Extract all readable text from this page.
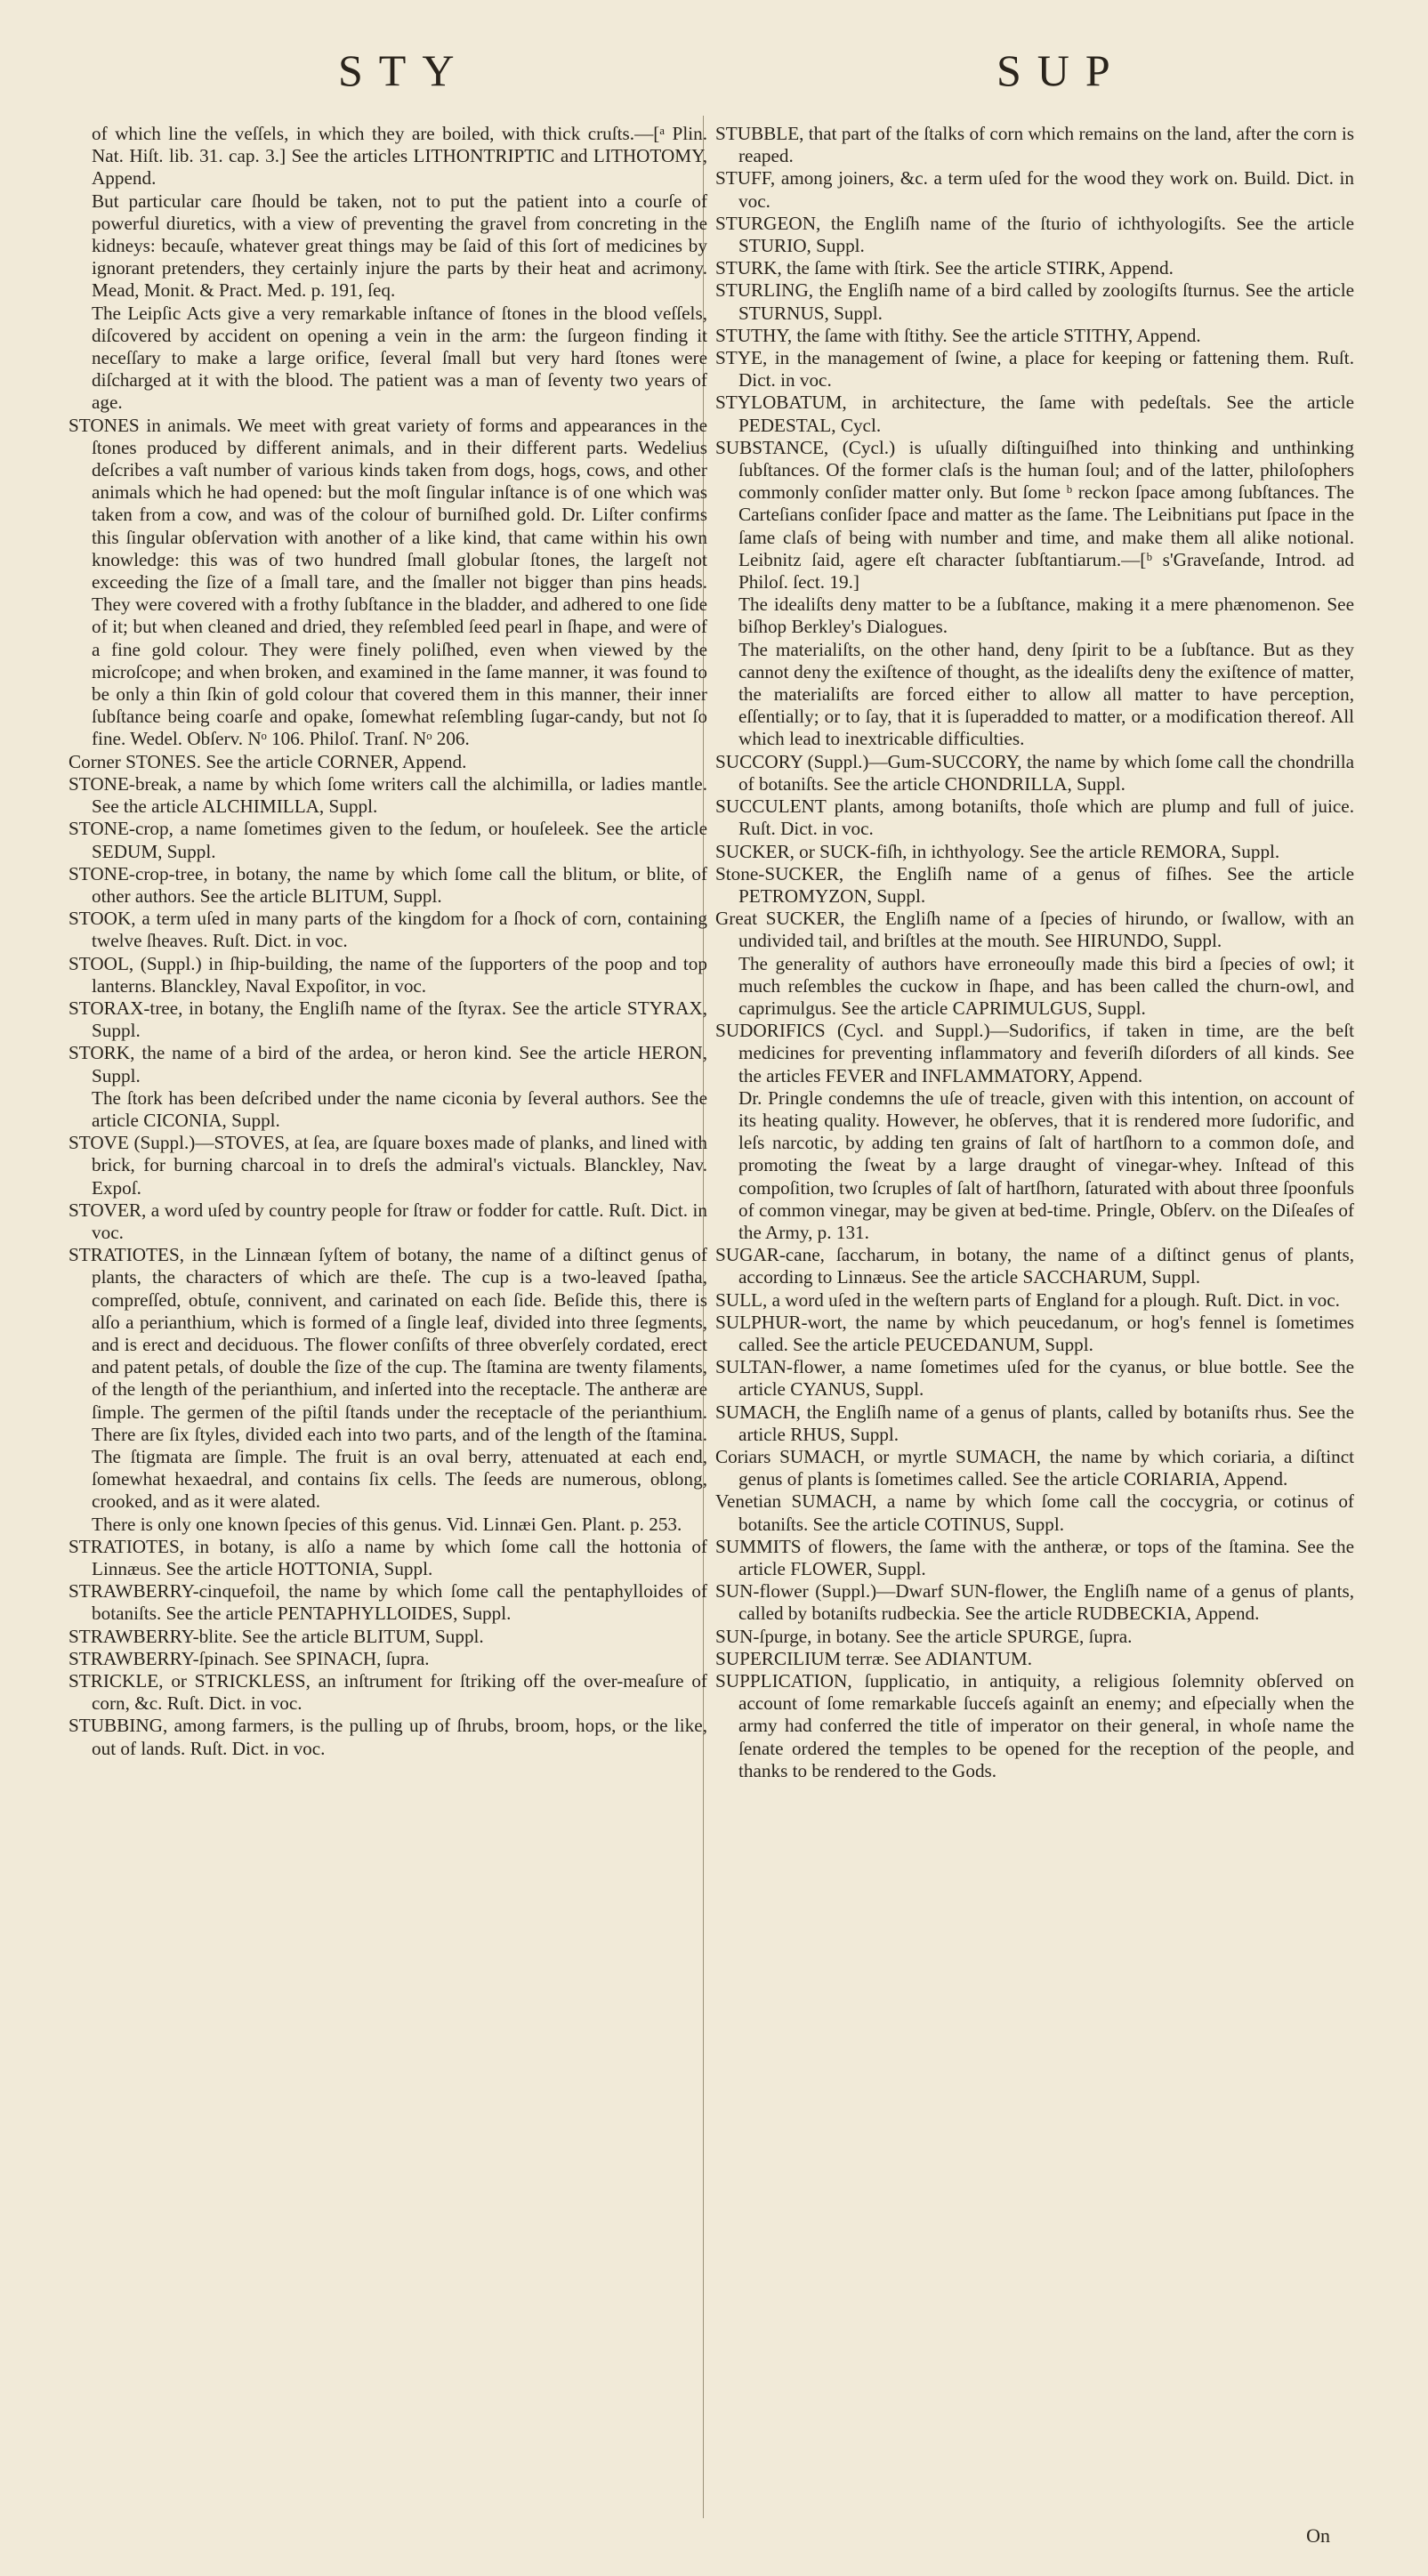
STY	SUP

of which line the veſſels, in which they are boiled, with thick cruſts.—[ᵃ Plin. Nat. Hiſt. lib. 31. cap. 3.] See the articles LITHONTRIPTIC and LITHOTOMY, Append.

But particular care ſhould be taken, not to put the patient into a courſe of powerful diuretics, with a view of preventing the gravel from concreting in the kidneys: becauſe, whatever great things may be ſaid of this ſort of medicines by ignorant pretenders, they certainly injure the parts by their heat and acrimony. Mead, Monit. & Pract. Med. p. 191, ſeq.

The Leipſic Acts give a very remarkable inſtance of ſtones in the blood veſſels, diſcovered by accident on opening a vein in the arm: the ſurgeon finding it neceſſary to make a large orifice, ſeveral ſmall but very hard ſtones were diſcharged at it with the blood. The patient was a man of ſeventy two years of age.

STONES in animals. We meet with great variety of forms and appearances in the ſtones produced by different animals, and in their different parts. Wedelius deſcribes a vaſt number of various kinds taken from dogs, hogs, cows, and other animals which he had opened: but the moſt ſingular inſtance is of one which was taken from a cow, and was of the colour of burniſhed gold. Dr. Liſter confirms this ſingular obſervation with another of a like kind, that came within his own knowledge: this was of two hundred ſmall globular ſtones, the largeſt not exceeding the ſize of a ſmall tare, and the ſmaller not bigger than pins heads. They were covered with a frothy ſubſtance in the bladder, and adhered to one ſide of it; but when cleaned and dried, they reſembled ſeed pearl in ſhape, and were of a fine gold colour. They were finely poliſhed, even when viewed by the microſcope; and when broken, and examined in the ſame manner, it was found to be only a thin ſkin of gold colour that covered them in this manner, their inner ſubſtance being coarſe and opake, ſomewhat reſembling ſugar-candy, but not ſo fine. Wedel. Obſerv. Nᵒ 106. Philoſ. Tranſ. Nᵒ 206.

Corner STONES. See the article CORNER, Append.

STONE-break, a name by which ſome writers call the alchimilla, or ladies mantle. See the article ALCHIMILLA, Suppl.

STONE-crop, a name ſometimes given to the ſedum, or houſeleek. See the article SEDUM, Suppl.

STONE-crop-tree, in botany, the name by which ſome call the blitum, or blite, of other authors. See the article BLITUM, Suppl.

STOOK, a term uſed in many parts of the kingdom for a ſhock of corn, containing twelve ſheaves. Ruſt. Dict. in voc.

STOOL, (Suppl.) in ſhip-building, the name of the ſupporters of the poop and top lanterns. Blanckley, Naval Expoſitor, in voc.

STORAX-tree, in botany, the Engliſh name of the ſtyrax. See the article STYRAX, Suppl.

STORK, the name of a bird of the ardea, or heron kind. See the article HERON, Suppl.

The ſtork has been deſcribed under the name ciconia by ſeveral authors. See the article CICONIA, Suppl.

STOVE (Suppl.)—STOVES, at ſea, are ſquare boxes made of planks, and lined with brick, for burning charcoal in to dreſs the admiral's victuals. Blanckley, Nav. Expoſ.

STOVER, a word uſed by country people for ſtraw or fodder for cattle. Ruſt. Dict. in voc.

STRATIOTES, in the Linnæan ſyſtem of botany, the name of a diſtinct genus of plants, the characters of which are theſe. The cup is a two-leaved ſpatha, compreſſed, obtuſe, connivent, and carinated on each ſide. Beſide this, there is alſo a perianthium, which is formed of a ſingle leaf, divided into three ſegments, and is erect and deciduous. The flower conſiſts of three obverſely cordated, erect and patent petals, of double the ſize of the cup. The ſtamina are twenty filaments, of the length of the perianthium, and inſerted into the receptacle. The antheræ are ſimple. The germen of the piſtil ſtands under the receptacle of the perianthium. There are ſix ſtyles, divided each into two parts, and of the length of the ſtamina. The ſtigmata are ſimple. The fruit is an oval berry, attenuated at each end, ſomewhat hexaedral, and contains ſix cells. The ſeeds are numerous, oblong, crooked, and as it were alated.

There is only one known ſpecies of this genus. Vid. Linnæi Gen. Plant. p. 253.

STRATIOTES, in botany, is alſo a name by which ſome call the hottonia of Linnæus. See the article HOTTONIA, Suppl.

STRAWBERRY-cinquefoil, the name by which ſome call the pentaphylloides of botaniſts. See the article PENTAPHYLLOIDES, Suppl.

STRAWBERRY-blite. See the article BLITUM, Suppl.

STRAWBERRY-ſpinach. See SPINACH, ſupra.

STRICKLE, or STRICKLESS, an inſtrument for ſtriking off the over-meaſure of corn, &c. Ruſt. Dict. in voc.

STUBBING, among farmers, is the pulling up of ſhrubs, broom, hops, or the like, out of lands. Ruſt. Dict. in voc.

STUBBLE, that part of the ſtalks of corn which remains on the land, after the corn is reaped.

STUFF, among joiners, &c. a term uſed for the wood they work on. Build. Dict. in voc.

STURGEON, the Engliſh name of the ſturio of ichthyologiſts. See the article STURIO, Suppl.

STURK, the ſame with ſtirk. See the article STIRK, Append.

STURLING, the Engliſh name of a bird called by zoologiſts ſturnus. See the article STURNUS, Suppl.

STUTHY, the ſame with ſtithy. See the article STITHY, Append.

STYE, in the management of ſwine, a place for keeping or fattening them. Ruſt. Dict. in voc.

STYLOBATUM, in architecture, the ſame with pedeſtals. See the article PEDESTAL, Cycl.

SUBSTANCE, (Cycl.) is uſually diſtinguiſhed into thinking and unthinking ſubſtances. Of the former claſs is the human ſoul; and of the latter, philoſophers commonly conſider matter only. But ſome ᵇ reckon ſpace among ſubſtances. The Carteſians conſider ſpace and matter as the ſame. The Leibnitians put ſpace in the ſame claſs of being with number and time, and make them all alike notional. Leibnitz ſaid, agere eſt character ſubſtantiarum.—[ᵇ s'Graveſande, Introd. ad Philoſ. ſect. 19.]

The idealiſts deny matter to be a ſubſtance, making it a mere phænomenon. See biſhop Berkley's Dialogues.

The materialiſts, on the other hand, deny ſpirit to be a ſubſtance. But as they cannot deny the exiſtence of thought, as the idealiſts deny the exiſtence of matter, the materialiſts are forced either to allow all matter to have perception, eſſentially; or to ſay, that it is ſuperadded to matter, or a modification thereof. All which lead to inextricable difficulties.

SUCCORY (Suppl.)—Gum-SUCCORY, the name by which ſome call the chondrilla of botaniſts. See the article CHONDRILLA, Suppl.

SUCCULENT plants, among botaniſts, thoſe which are plump and full of juice. Ruſt. Dict. in voc.

SUCKER, or SUCK-fiſh, in ichthyology. See the article REMORA, Suppl.

Stone-SUCKER, the Engliſh name of a genus of fiſhes. See the article PETROMYZON, Suppl.

Great SUCKER, the Engliſh name of a ſpecies of hirundo, or ſwallow, with an undivided tail, and briſtles at the mouth. See HIRUNDO, Suppl.

The generality of authors have erroneouſly made this bird a ſpecies of owl; it much reſembles the cuckow in ſhape, and has been called the churn-owl, and caprimulgus. See the article CAPRIMULGUS, Suppl.

SUDORIFICS (Cycl. and Suppl.)—Sudorifics, if taken in time, are the beſt medicines for preventing inflammatory and feveriſh diſorders of all kinds. See the articles FEVER and INFLAMMATORY, Append.

Dr. Pringle condemns the uſe of treacle, given with this intention, on account of its heating quality. However, he obſerves, that it is rendered more ſudorific, and leſs narcotic, by adding ten grains of ſalt of hartſhorn to a common doſe, and promoting the ſweat by a large draught of vinegar-whey. Inſtead of this compoſition, two ſcruples of ſalt of hartſhorn, ſaturated with about three ſpoonfuls of common vinegar, may be given at bed-time. Pringle, Obſerv. on the Diſeaſes of the Army, p. 131.

SUGAR-cane, ſaccharum, in botany, the name of a diſtinct genus of plants, according to Linnæus. See the article SACCHARUM, Suppl.

SULL, a word uſed in the weſtern parts of England for a plough. Ruſt. Dict. in voc.

SULPHUR-wort, the name by which peucedanum, or hog's fennel is ſometimes called. See the article PEUCEDANUM, Suppl.

SULTAN-flower, a name ſometimes uſed for the cyanus, or blue bottle. See the article CYANUS, Suppl.

SUMACH, the Engliſh name of a genus of plants, called by botaniſts rhus. See the article RHUS, Suppl.

Coriars SUMACH, or myrtle SUMACH, the name by which coriaria, a diſtinct genus of plants is ſometimes called. See the article CORIARIA, Append.

Venetian SUMACH, a name by which ſome call the coccygria, or cotinus of botaniſts. See the article COTINUS, Suppl.

SUMMITS of flowers, the ſame with the antheræ, or tops of the ſtamina. See the article FLOWER, Suppl.

SUN-flower (Suppl.)—Dwarf SUN-flower, the Engliſh name of a genus of plants, called by botaniſts rudbeckia. See the article RUDBECKIA, Append.

SUN-ſpurge, in botany. See the article SPURGE, ſupra.

SUPERCILIUM terræ. See ADIANTUM.

SUPPLICATION, ſupplicatio, in antiquity, a religious ſolemnity obſerved on account of ſome remarkable ſucceſs againſt an enemy; and eſpecially when the army had conferred the title of imperator on their general, in whoſe name the ſenate ordered the temples to be opened for the reception of the people, and thanks to be rendered to the Gods.

On
